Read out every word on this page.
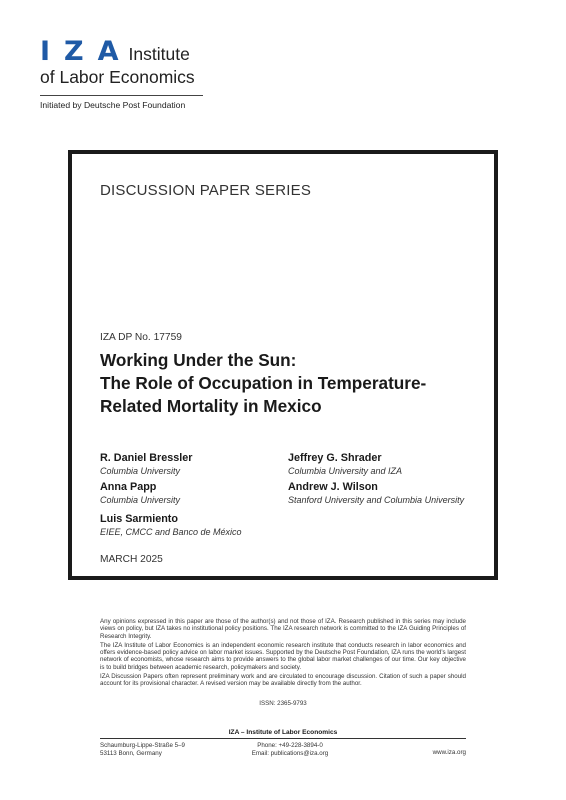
IZA
Institute
of Labor Economics
Initiated by Deutsche Post Foundation
DISCUSSION PAPER SERIES
IZA DP No. 17759
Working Under the Sun:
The Role of Occupation in Temperature-
Related Mortality in Mexico
R. Daniel Bressler
Columbia University
Jeffrey G. Shrader
Columbia University and IZA
Anna Papp
Columbia University
Andrew J. Wilson
Stanford University and Columbia University
Luis Sarmiento
EIEE, CMCC and Banco de México
MARCH 2025

Any opinions expressed in this paper are those of the author(s) and not those of IZA. Research published in this series may include views on policy, but IZA takes no institutional policy positions. The IZA research network is committed to the IZA Guiding Principles of Research Integrity.

The IZA Institute of Labor Economics is an independent economic research institute that conducts research in labor economics and offers evidence-based policy advice on labor market issues. Supported by the Deutsche Post Foundation, IZA runs the world’s largest network of economists, whose research aims to provide answers to the global labor market challenges of our time. Our key objective is to build bridges between academic research, policymakers and society.

IZA Discussion Papers often represent preliminary work and are circulated to encourage discussion. Citation of such a paper should account for its provisional character. A revised version may be available directly from the author.

ISSN: 2365-9793
IZA – Institute of Labor Economics
Schaumburg-Lippe-Straße 5–9
53113 Bonn, Germany
Phone: +49-228-3894-0
Email: publications@iza.org	www.iza.org
